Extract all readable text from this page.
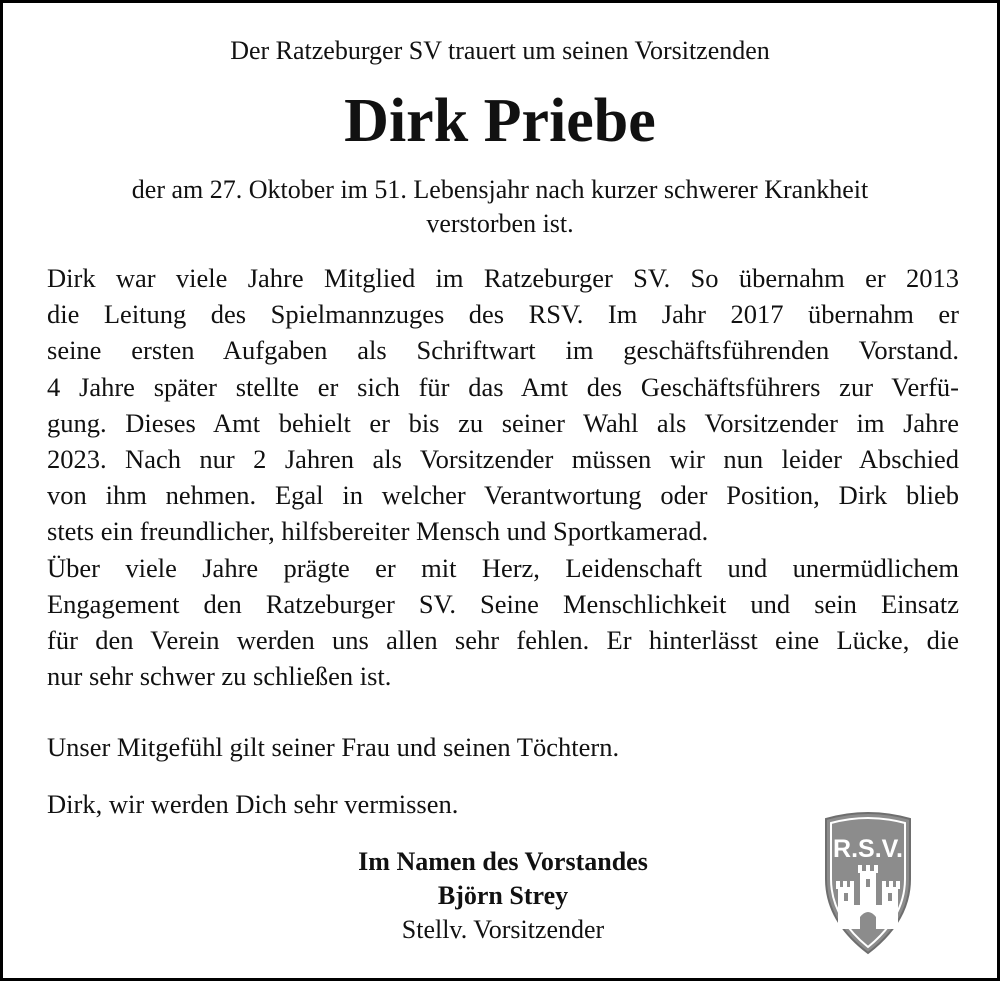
Der Ratzeburger SV trauert um seinen Vorsitzenden
Dirk Priebe
der am 27. Oktober im 51. Lebensjahr nach kurzer schwerer Krankheit
verstorben ist.
Dirk war viele Jahre Mitglied im Ratzeburger SV. So übernahm er 2013
die Leitung des Spielmannzuges des RSV. Im Jahr 2017 übernahm er
seine ersten Aufgaben als Schriftwart im geschäftsführenden Vorstand.
4 Jahre später stellte er sich für das Amt des Geschäftsführers zur Verfü-
gung. Dieses Amt behielt er bis zu seiner Wahl als Vorsitzender im Jahre
2023. Nach nur 2 Jahren als Vorsitzender müssen wir nun leider Abschied
von ihm nehmen. Egal in welcher Verantwortung oder Position, Dirk blieb
stets ein freundlicher, hilfsbereiter Mensch und Sportkamerad.
Über viele Jahre prägte er mit Herz, Leidenschaft und unermüdlichem
Engagement den Ratzeburger SV. Seine Menschlichkeit und sein Einsatz
für den Verein werden uns allen sehr fehlen. Er hinterlässt eine Lücke, die
nur sehr schwer zu schließen ist.
Unser Mitgefühl gilt seiner Frau und seinen Töchtern.
Dirk, wir werden Dich sehr vermissen.
Im Namen des Vorstandes
Björn Strey
Stellv. Vorsitzender
R.S.V.
